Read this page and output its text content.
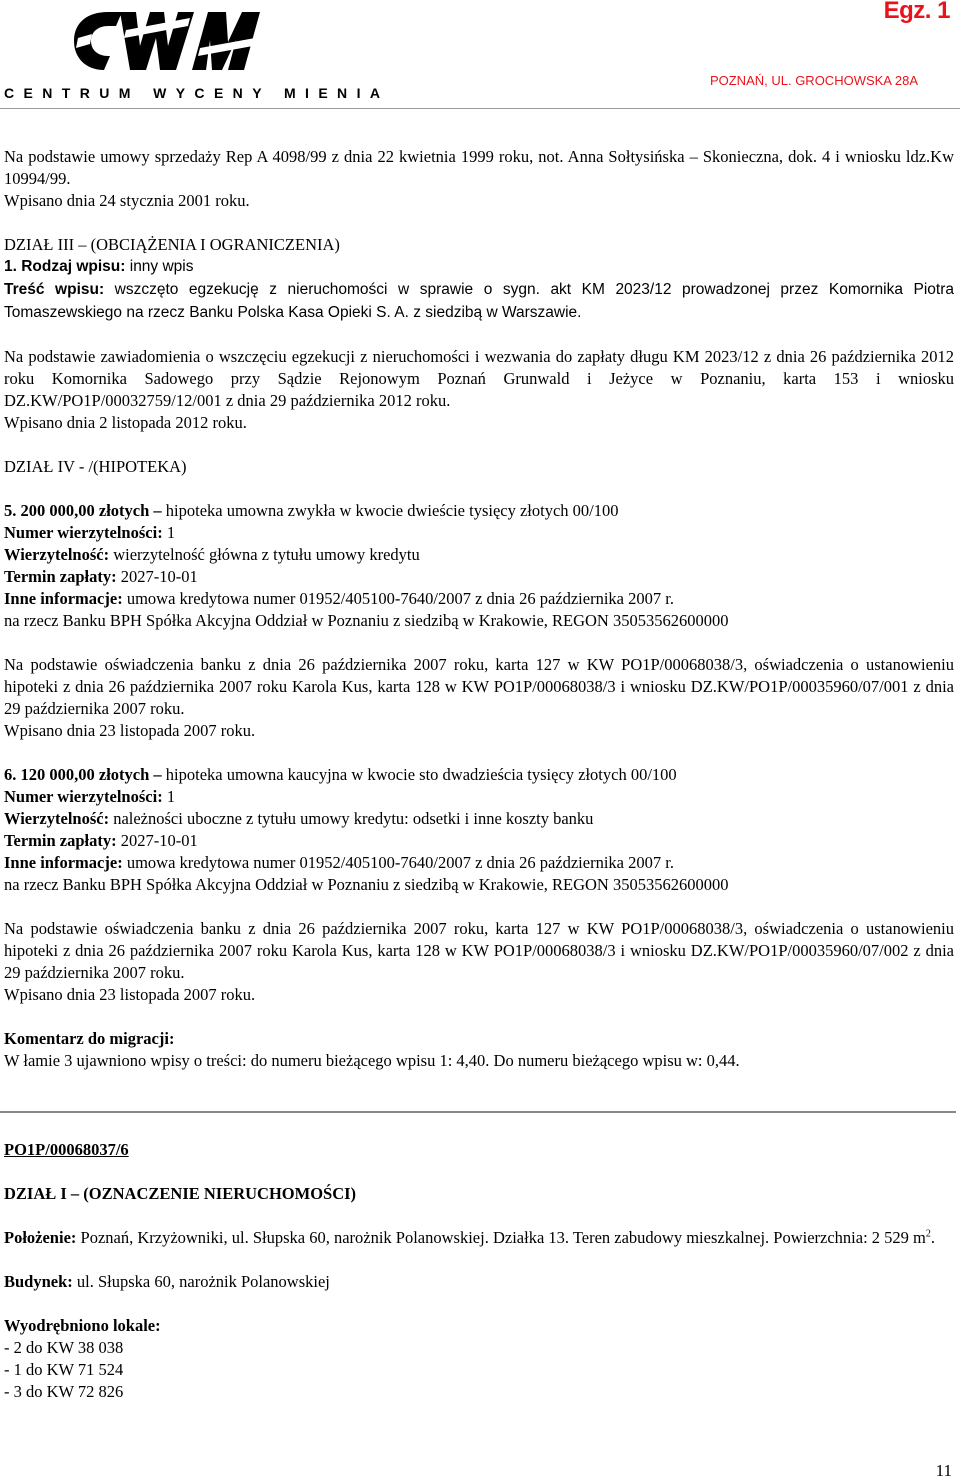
CENTRUM WYCENY MIENIA
Egz. 1
POZNAŃ, UL. GROCHOWSKA 28A

Na podstawie umowy sprzedaży Rep A 4098/99 z dnia 22 kwietnia 1999 roku, not. Anna Sołtysińska – Skonieczna, dok. 4 i wniosku ldz.Kw 10994/99.

Wpisano dnia 24 stycznia 2001 roku.

DZIAŁ III – (OBCIĄŻENIA I OGRANICZENIA)

1. Rodzaj wpisu: inny wpis

Treść wpisu: wszczęto egzekucję z nieruchomości w sprawie o sygn. akt KM 2023/12 prowadzonej przez Komornika Piotra Tomaszewskiego na rzecz Banku Polska Kasa Opieki S. A. z siedzibą w Warszawie.

Na podstawie zawiadomienia o wszczęciu egzekucji z nieruchomości i wezwania do zapłaty długu KM 2023/12 z dnia 26 października 2012 roku Komornika Sadowego przy Sądzie Rejonowym Poznań Grunwald i Jeżyce w Poznaniu, karta 153 i wniosku DZ.KW/PO1P/00032759/12/001 z dnia 29 października 2012 roku.

Wpisano dnia 2 listopada 2012 roku.

DZIAŁ IV - /(HIPOTEKA)

5. 200 000,00 złotych – hipoteka umowna zwykła w kwocie dwieście tysięcy złotych 00/100

Numer wierzytelności: 1

Wierzytelność: wierzytelność główna z tytułu umowy kredytu

Termin zapłaty: 2027-10-01

Inne informacje: umowa kredytowa numer 01952/405100-7640/2007 z dnia 26 października 2007 r.

na rzecz Banku BPH Spółka Akcyjna Oddział w Poznaniu z siedzibą w Krakowie, REGON 35053562600000

Na podstawie oświadczenia banku z dnia 26 października 2007 roku, karta 127 w KW PO1P/00068038/3, oświadczenia o ustanowieniu hipoteki z dnia 26 października 2007 roku Karola Kus, karta 128 w KW PO1P/00068038/3 i wniosku DZ.KW/PO1P/00035960/07/001 z dnia 29 października 2007 roku.

Wpisano dnia 23 listopada 2007 roku.

6. 120 000,00 złotych – hipoteka umowna kaucyjna w kwocie sto dwadzieścia tysięcy złotych 00/100

Numer wierzytelności: 1

Wierzytelność: należności uboczne z tytułu umowy kredytu: odsetki i inne koszty banku

Termin zapłaty: 2027-10-01

Inne informacje: umowa kredytowa numer 01952/405100-7640/2007 z dnia 26 października 2007 r.

na rzecz Banku BPH Spółka Akcyjna Oddział w Poznaniu z siedzibą w Krakowie, REGON 35053562600000

Na podstawie oświadczenia banku z dnia 26 października 2007 roku, karta 127 w KW PO1P/00068038/3, oświadczenia o ustanowieniu hipoteki z dnia 26 października 2007 roku Karola Kus, karta 128 w KW PO1P/00068038/3 i wniosku DZ.KW/PO1P/00035960/07/002 z dnia 29 października 2007 roku.

Wpisano dnia 23 listopada 2007 roku.

Komentarz do migracji:

W łamie 3 ujawniono wpisy o treści: do numeru bieżącego wpisu 1: 4,40. Do numeru bieżącego wpisu w: 0,44.

PO1P/00068037/6

DZIAŁ I – (OZNACZENIE NIERUCHOMOŚCI)

Położenie: Poznań, Krzyżowniki, ul. Słupska 60, narożnik Polanowskiej. Działka 13. Teren zabudowy mieszkalnej. Powierzchnia: 2 529 $m^2$.

Budynek: ul. Słupska 60, narożnik Polanowskiej

Wyodrębniono lokale:

- 2 do KW 38 038

- 1 do KW 71 524

- 3 do KW 72 826

11
